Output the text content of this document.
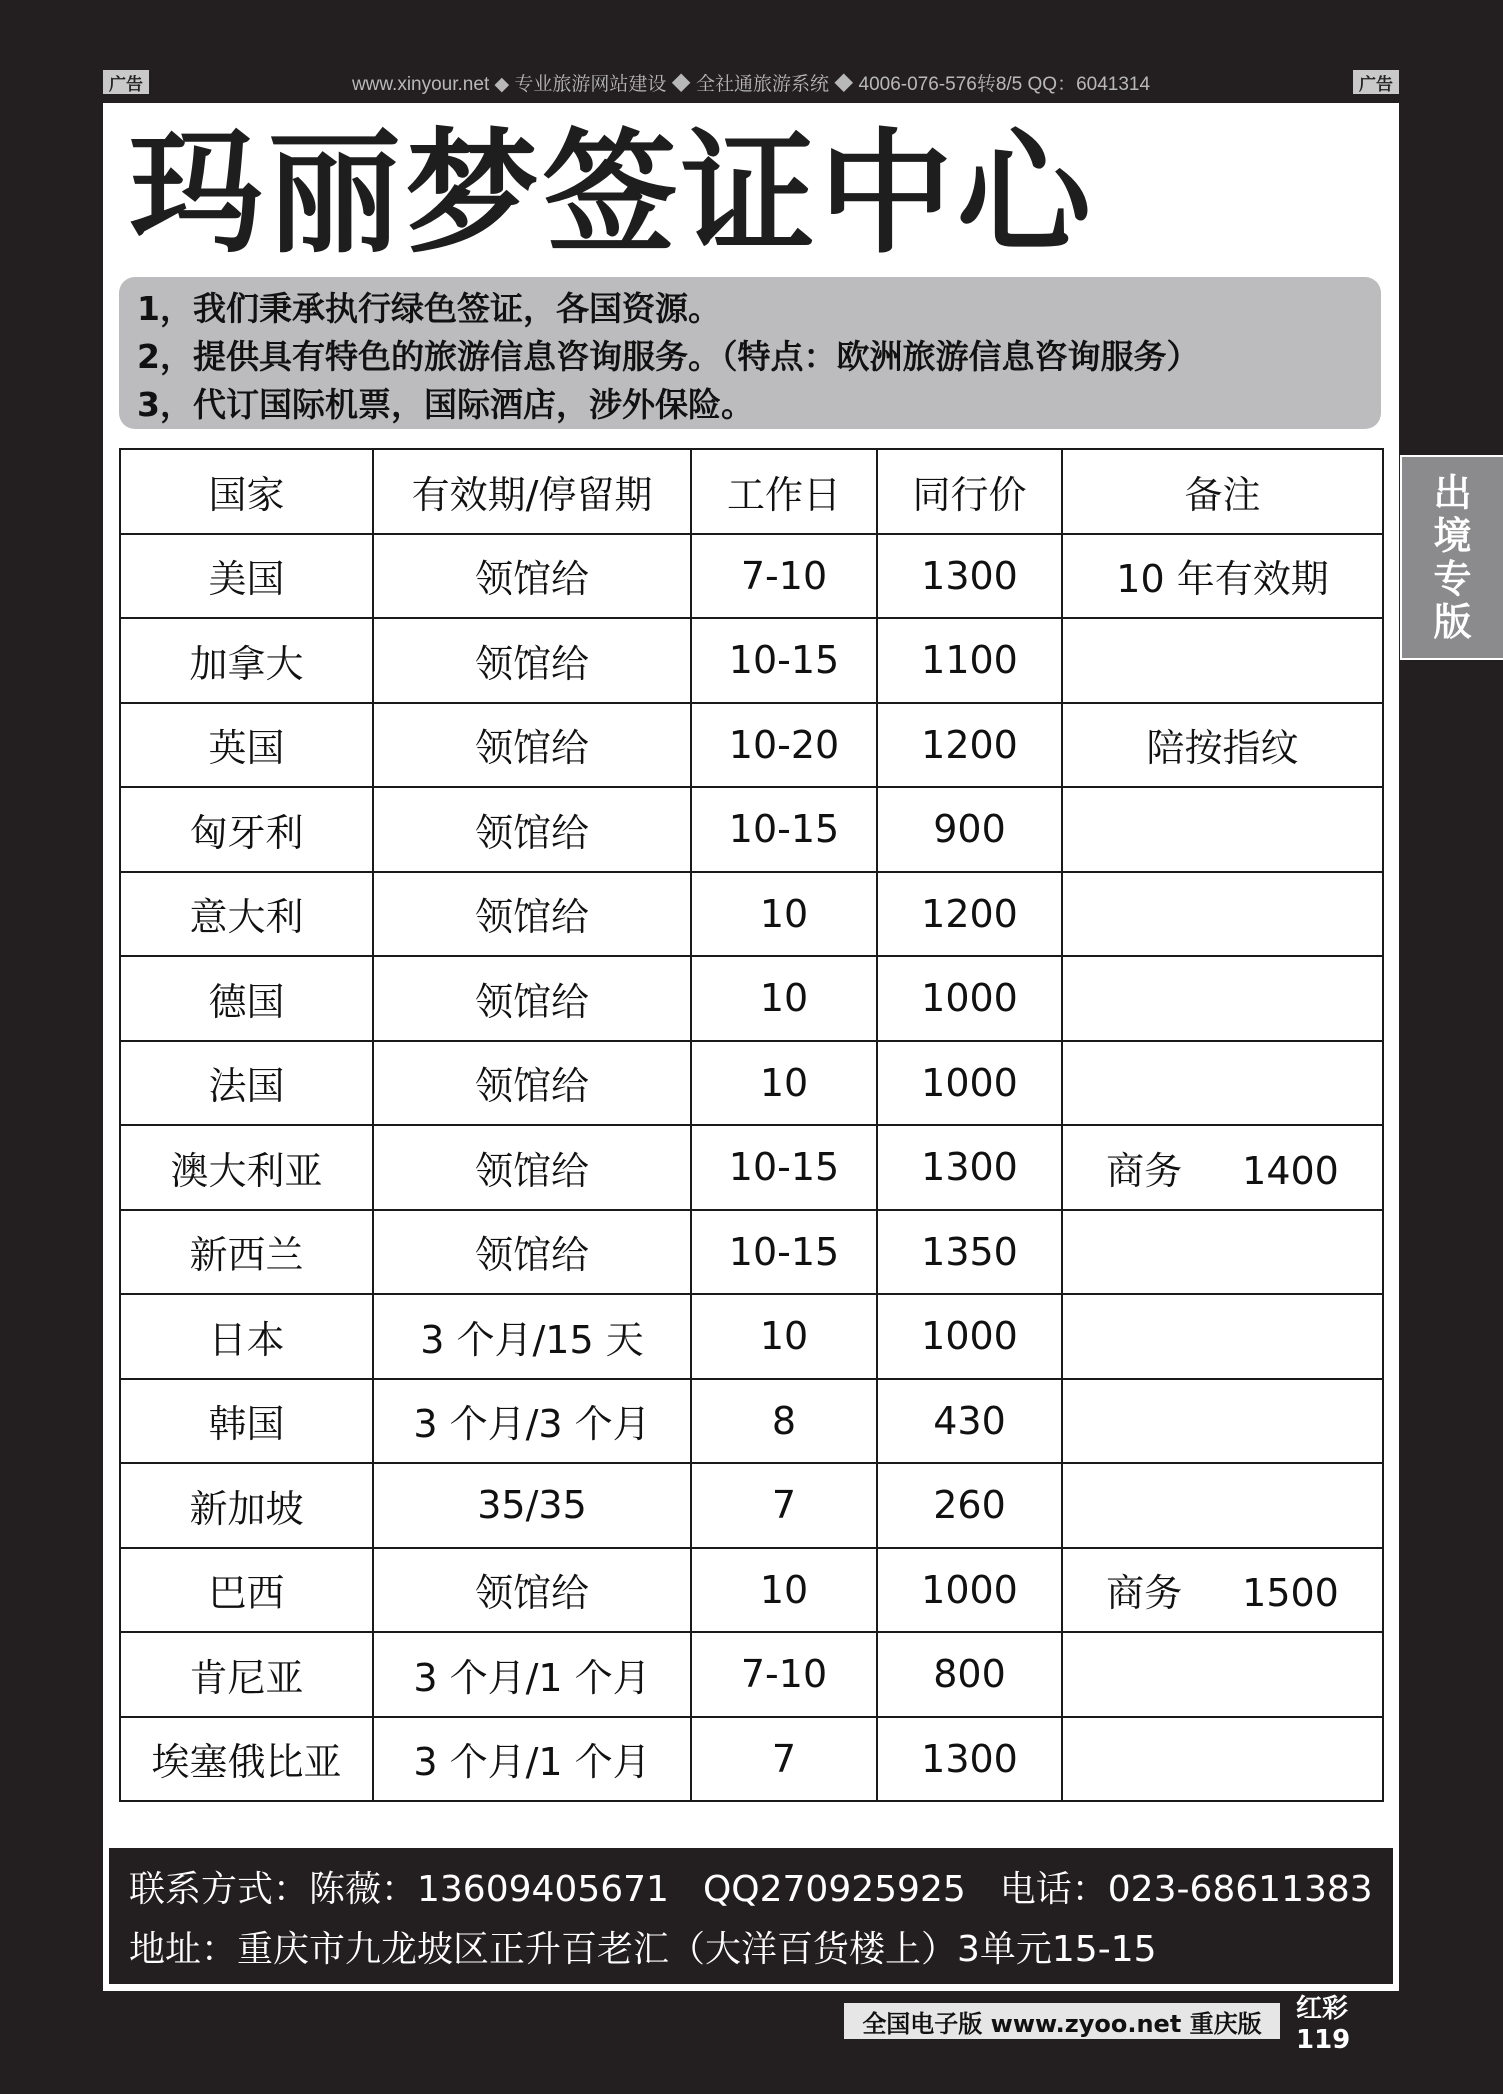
广告	www.xinyour.net ◆ 专业旅游网站建设 ◆ 全社通旅游系统 ◆ 4006-076-576转8/5 QQ：6041314	广告
玛丽梦签证中心
1，我们秉承执行绿色签证，各国资源。
2，提供具有特色的旅游信息咨询服务。（特点：欧洲旅游信息咨询服务）
3，代订国际机票，国际酒店，涉外保险。
国家	有效期/停留期	工作日	同行价	备注
美国	领馆给	7-10	1300	10 年有效期
加拿大	领馆给	10-15	1100	
英国	领馆给	10-20	1200	陪按指纹
匈牙利	领馆给	10-15	900	
意大利	领馆给	10	1200	
德国	领馆给	10	1000	
法国	领馆给	10	1000	
澳大利亚	领馆给	10-15	1300	商务 1400
新西兰	领馆给	10-15	1350	
日本	3 个月/15 天	10	1000	
韩国	3 个月/3 个月	8	430	
新加坡	35/35	7	260	
巴西	领馆给	10	1000	商务 1500
肯尼亚	3 个月/1 个月	7-10	800	
埃塞俄比亚	3 个月/1 个月	7	1300	
联系方式：陈薇：13609405671 QQ270925925 电话：023-68611383
地址：重庆市九龙坡区正升百老汇（大洋百货楼上）3单元15-15
出
境
专
版
全国电子版 www.zyoo.net 重庆版	红彩 119
